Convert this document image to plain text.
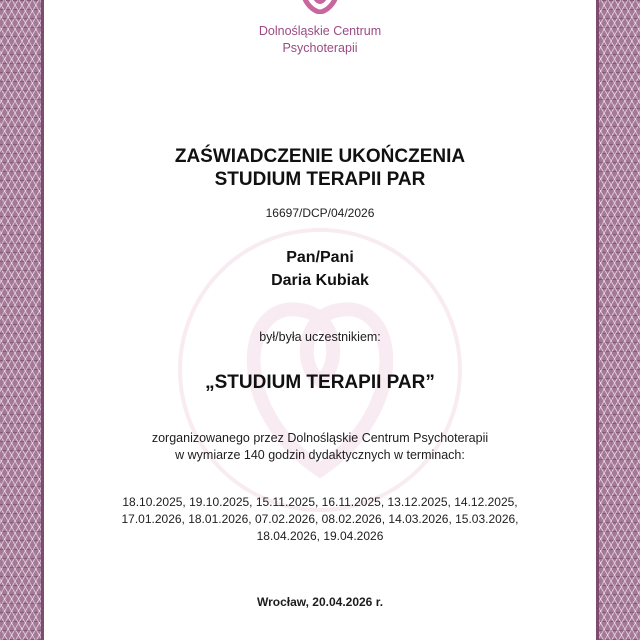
Dolnośląskie Centrum
Psychoterapii
ZAŚWIADCZENIE UKOŃCZENIA
STUDIUM TERAPII PAR
16697/DCP/04/2026
Pan/Pani
Daria Kubiak
był/była uczestnikiem:
„STUDIUM TERAPII PAR”
zorganizowanego przez Dolnośląskie Centrum Psychoterapii
w wymiarze 140 godzin dydaktycznych w terminach:
18.10.2025, 19.10.2025, 15.11.2025, 16.11.2025, 13.12.2025, 14.12.2025,
17.01.2026, 18.01.2026, 07.02.2026, 08.02.2026, 14.03.2026, 15.03.2026,
18.04.2026, 19.04.2026
Wrocław, 20.04.2026 r.
